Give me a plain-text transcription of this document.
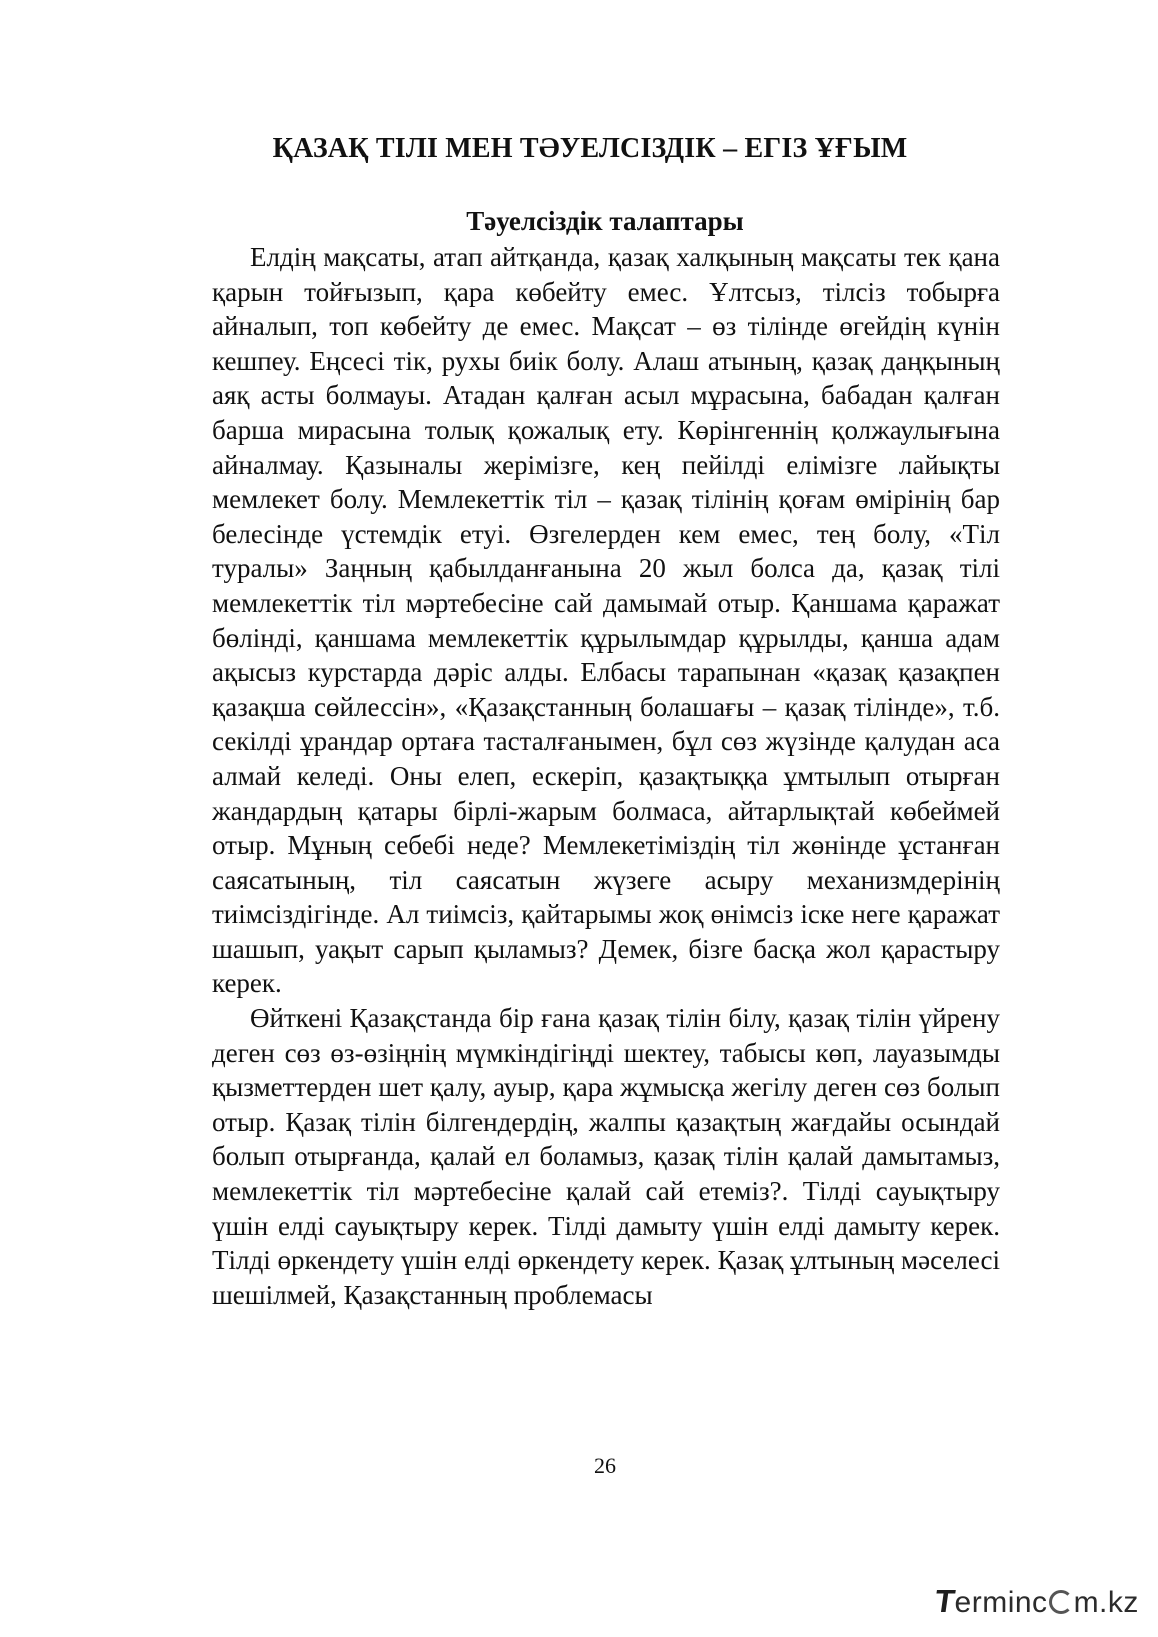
ҚАЗАҚ ТІЛІ МЕН ТӘУЕЛСІЗДІК – ЕГІЗ ҰҒЫМ
Тәуелсіздік талаптары

Елдің мақсаты, атап айтқанда, қазақ халқының мақсаты тек қана қарын тойғызып, қара көбейту емес. Ұлтсыз, тілсіз тобырға айналып, топ көбейту де емес. Мақсат – өз тілінде өгейдің күнін кешпеу. Еңсесі тік, рухы биік болу. Алаш атының, қазақ даңқының аяқ асты болмауы. Атадан қалған асыл мұрасына, бабадан қалған барша мирасына толық қожалық ету. Көрінгеннің қолжаулығына айналмау. Қазыналы жерімізге, кең пейілді елімізге лайықты мемлекет болу. Мемлекеттік тіл – қазақ тілінің қоғам өмірінің бар белесінде үстемдік етуі. Өзгелерден кем емес, тең болу, «Тіл туралы» Заңның қабылданғанына 20 жыл болса да, қазақ тілі мемлекеттік тіл мәртебесіне сай дамымай отыр. Қаншама қаражат бөлінді, қаншама мемлекеттік құрылымдар құрылды, қанша адам ақысыз курстарда дәріс алды. Елбасы тарапынан «қазақ қазақпен қазақша сөйлессін», «Қазақстанның болашағы – қазақ тілінде», т.б. секілді ұрандар ортаға тасталғанымен, бұл сөз жүзінде қалудан аса алмай келеді. Оны елеп, ескеріп, қазақтыққа ұмтылып отырған жандардың қатары бірлі-жарым болмаса, айтарлықтай көбеймей отыр. Мұның себебі неде? Мемлекетіміздің тіл жөнінде ұстанған саясатының, тіл саясатын жүзеге асыру механизмдерінің тиімсіздігінде. Ал тиімсіз, қайтарымы жоқ өнімсіз іске неге қаражат шашып, уақыт сарып қыламыз? Демек, бізге басқа жол қарастыру керек.

Өйткені Қазақстанда бір ғана қазақ тілін білу, қазақ тілін үйрену деген сөз өз-өзіңнің мүмкіндігіңді шектеу, табысы көп, лауазымды қызметтерден шет қалу, ауыр, қара жұмысқа жегілу деген сөз болып отыр. Қазақ тілін білгендердің, жалпы қазақтың жағдайы осындай болып отырғанда, қалай ел боламыз, қазақ тілін қалай дамытамыз, мемлекеттік тіл мәртебесіне қалай сай етеміз?. Тілді сауықтыру үшін елді сауықтыру керек. Тілді дамыту үшін елді дамыту керек. Тілді өркендету үшін елді өркендету керек. Қазақ ұлтының мәселесі шешілмей, Қазақстанның проблемасы

26
Terminc m.kz
